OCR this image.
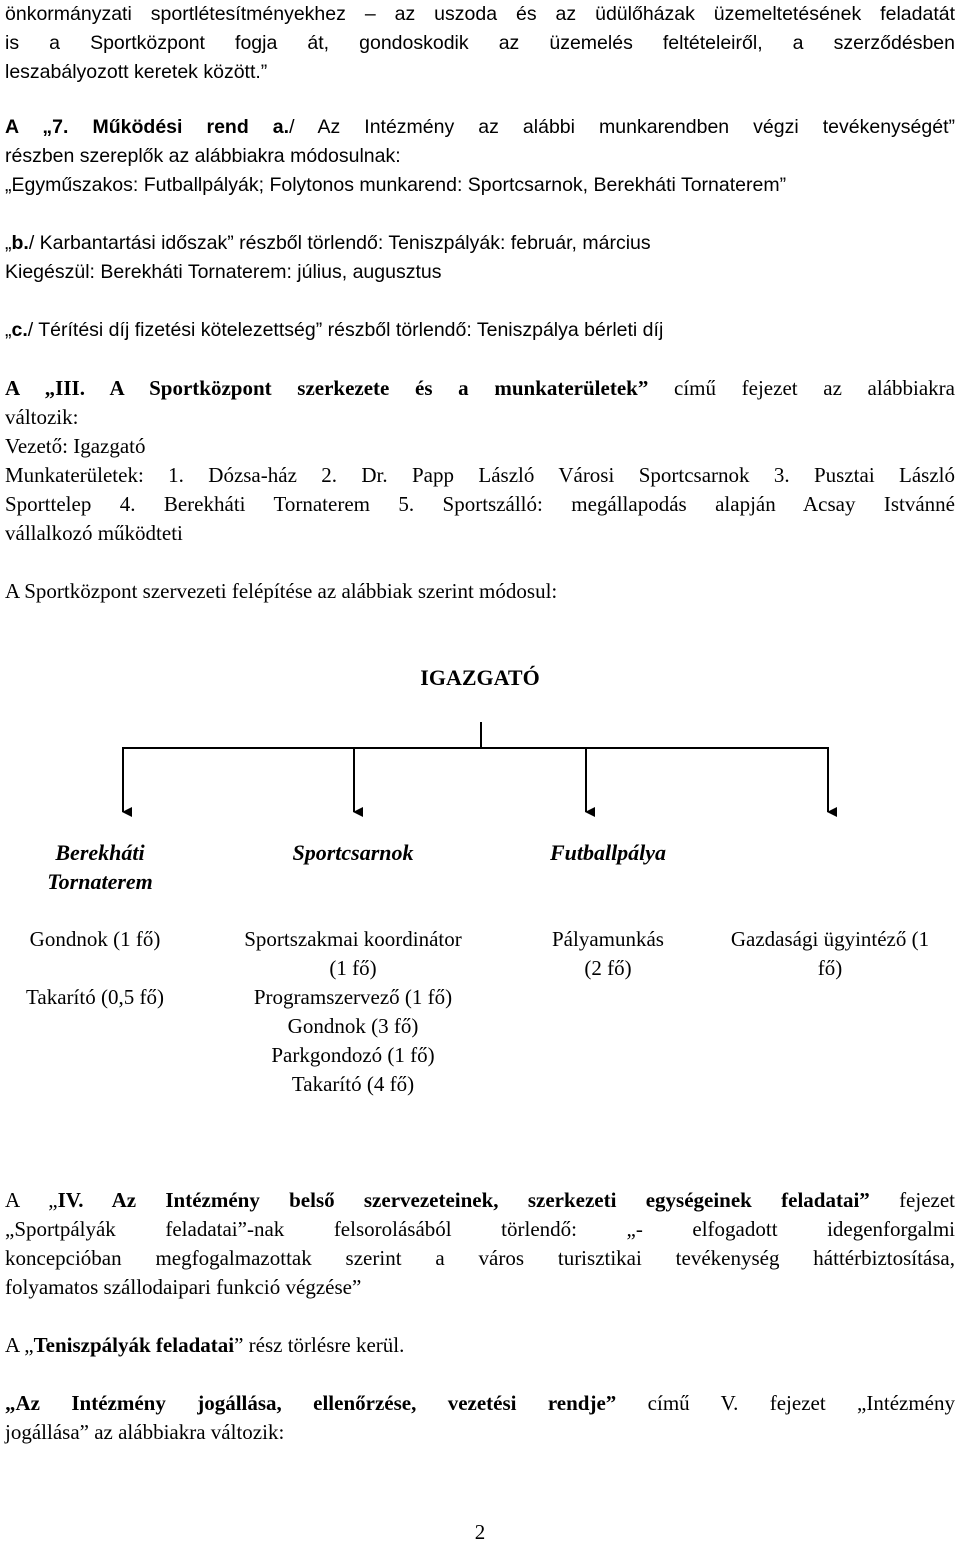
önkormányzati sportlétesítményekhez – az uszoda és az üdülőházak üzemeltetésének feladatát

is a Sportközpont fogja át, gondoskodik az üzemelés feltételeiről, a szerződésben

leszabályozott keretek között.”

A „7. Működési rend a./ Az Intézmény az alábbi munkarendben végzi tevékenységét”

részben szereplők az alábbiakra módosulnak:

„Egyműszakos: Futballpályák; Folytonos munkarend: Sportcsarnok, Berekháti Tornaterem”

„b./ Karbantartási időszak” részből törlendő: Teniszpályák: február, március

Kiegészül: Berekháti Tornaterem: július, augusztus

„c./ Térítési díj fizetési kötelezettség” részből törlendő: Teniszpálya bérleti díj

A „III. A Sportközpont szerkezete és a munkaterületek” című fejezet az alábbiakra

változik:

Vezető: Igazgató

Munkaterületek: 1. Dózsa-ház 2. Dr. Papp László Városi Sportcsarnok 3. Pusztai László

Sporttelep 4. Berekháti Tornaterem 5. Sportszálló: megállapodás alapján Acsay Istvánné

vállalkozó működteti

A Sportközpont szervezeti felépítése az alábbiak szerint módosul:

IGAZGATÓ
Berekháti
Tornaterem
Sportcsarnok	Futballpálya
Gondnok (1 fő)
Takarító (0,5 fő)
Sportszakmai koordinátor
(1 fő)
Programszervező (1 fő)
Gondnok (3 fő)
Parkgondozó (1 fő)
Takarító (4 fő)
Pályamunkás
(2 fő)
Gazdasági ügyintéző (1
fő)

A „IV. Az Intézmény belső szervezeteinek, szerkezeti egységeinek feladatai” fejezet

„Sportpályák feladatai”-nak felsorolásából törlendő: „- elfogadott idegenforgalmi

koncepcióban megfogalmazottak szerint a város turisztikai tevékenység háttérbiztosítása,

folyamatos szállodaipari funkció végzése”

A „Teniszpályák feladatai” rész törlésre kerül.

„Az Intézmény jogállása, ellenőrzése, vezetési rendje” című V. fejezet „Intézmény

jogállása” az alábbiakra változik:

2
